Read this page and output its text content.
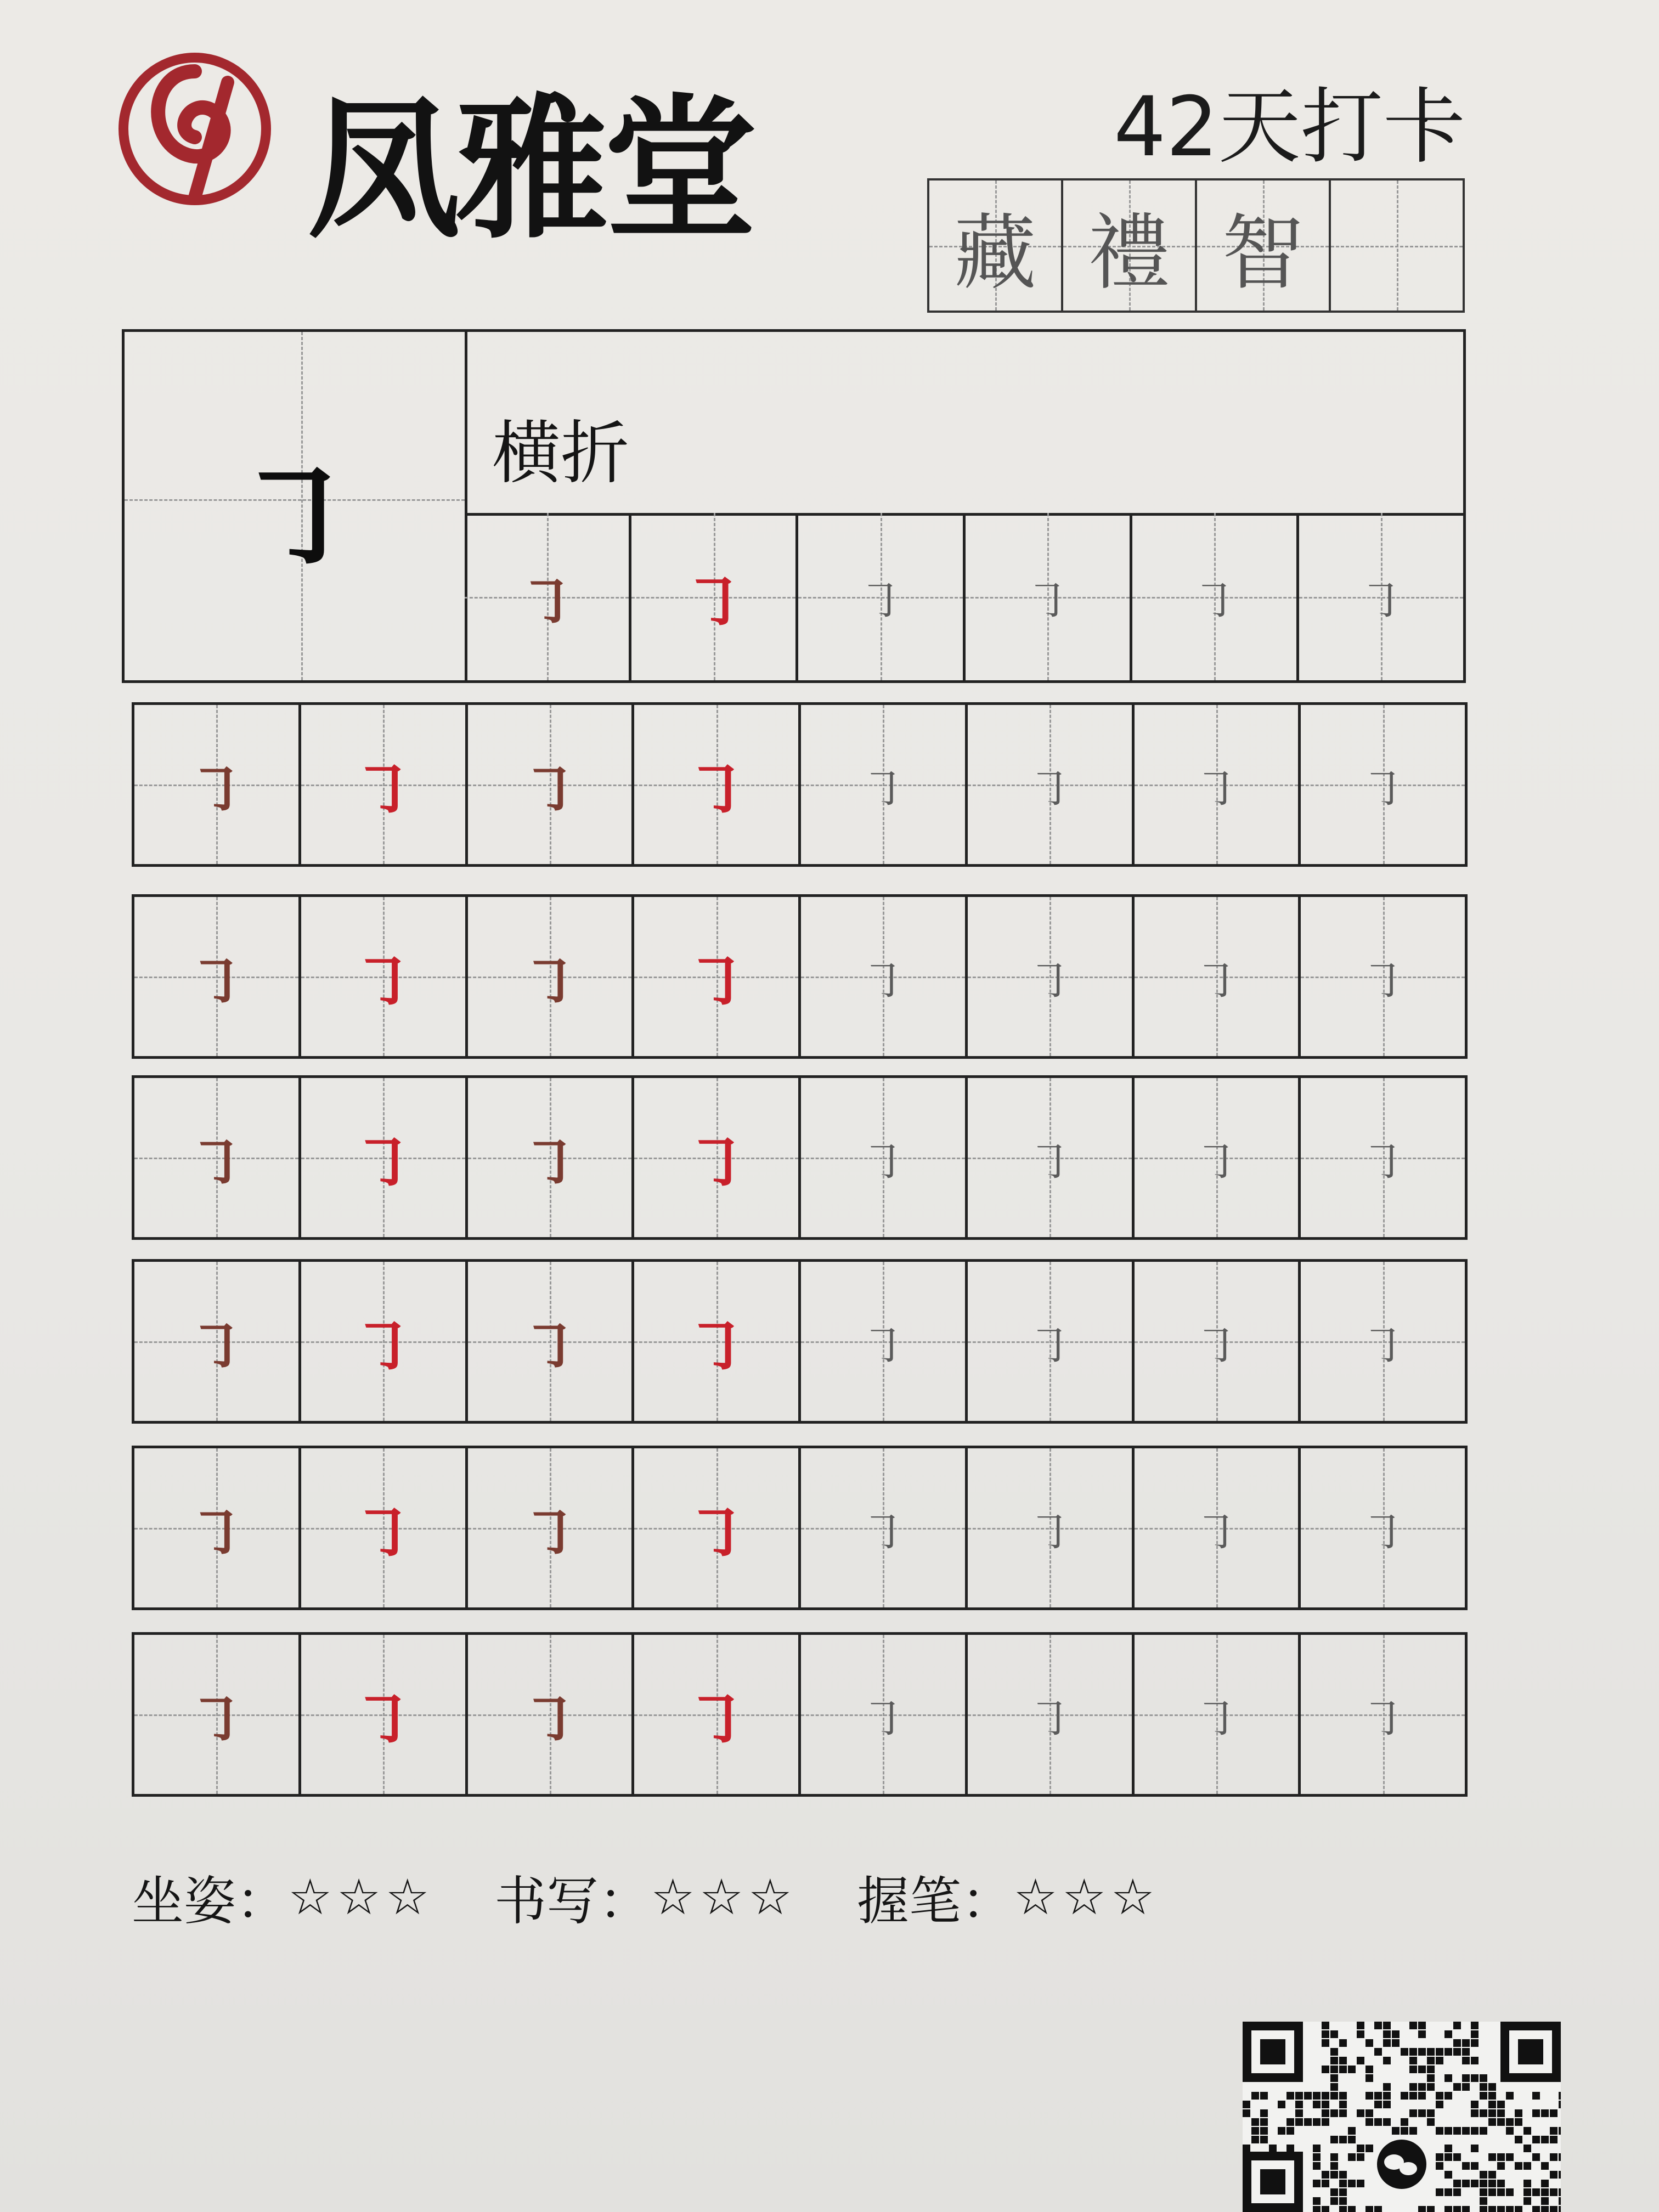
凤雅堂	42天打卡
藏 禮 智
㇆	横折
㇆	㇆	㇆	㇆	㇆	㇆
㇆	㇆	㇆	㇆	㇆	㇆	㇆	㇆
㇆	㇆	㇆	㇆	㇆	㇆	㇆	㇆
㇆	㇆	㇆	㇆	㇆	㇆	㇆	㇆
㇆	㇆	㇆	㇆	㇆	㇆	㇆	㇆
㇆	㇆	㇆	㇆	㇆	㇆	㇆	㇆
㇆	㇆	㇆	㇆	㇆	㇆	㇆	㇆
坐姿： ☆☆☆ 书写： ☆☆☆ 握笔： ☆☆☆
